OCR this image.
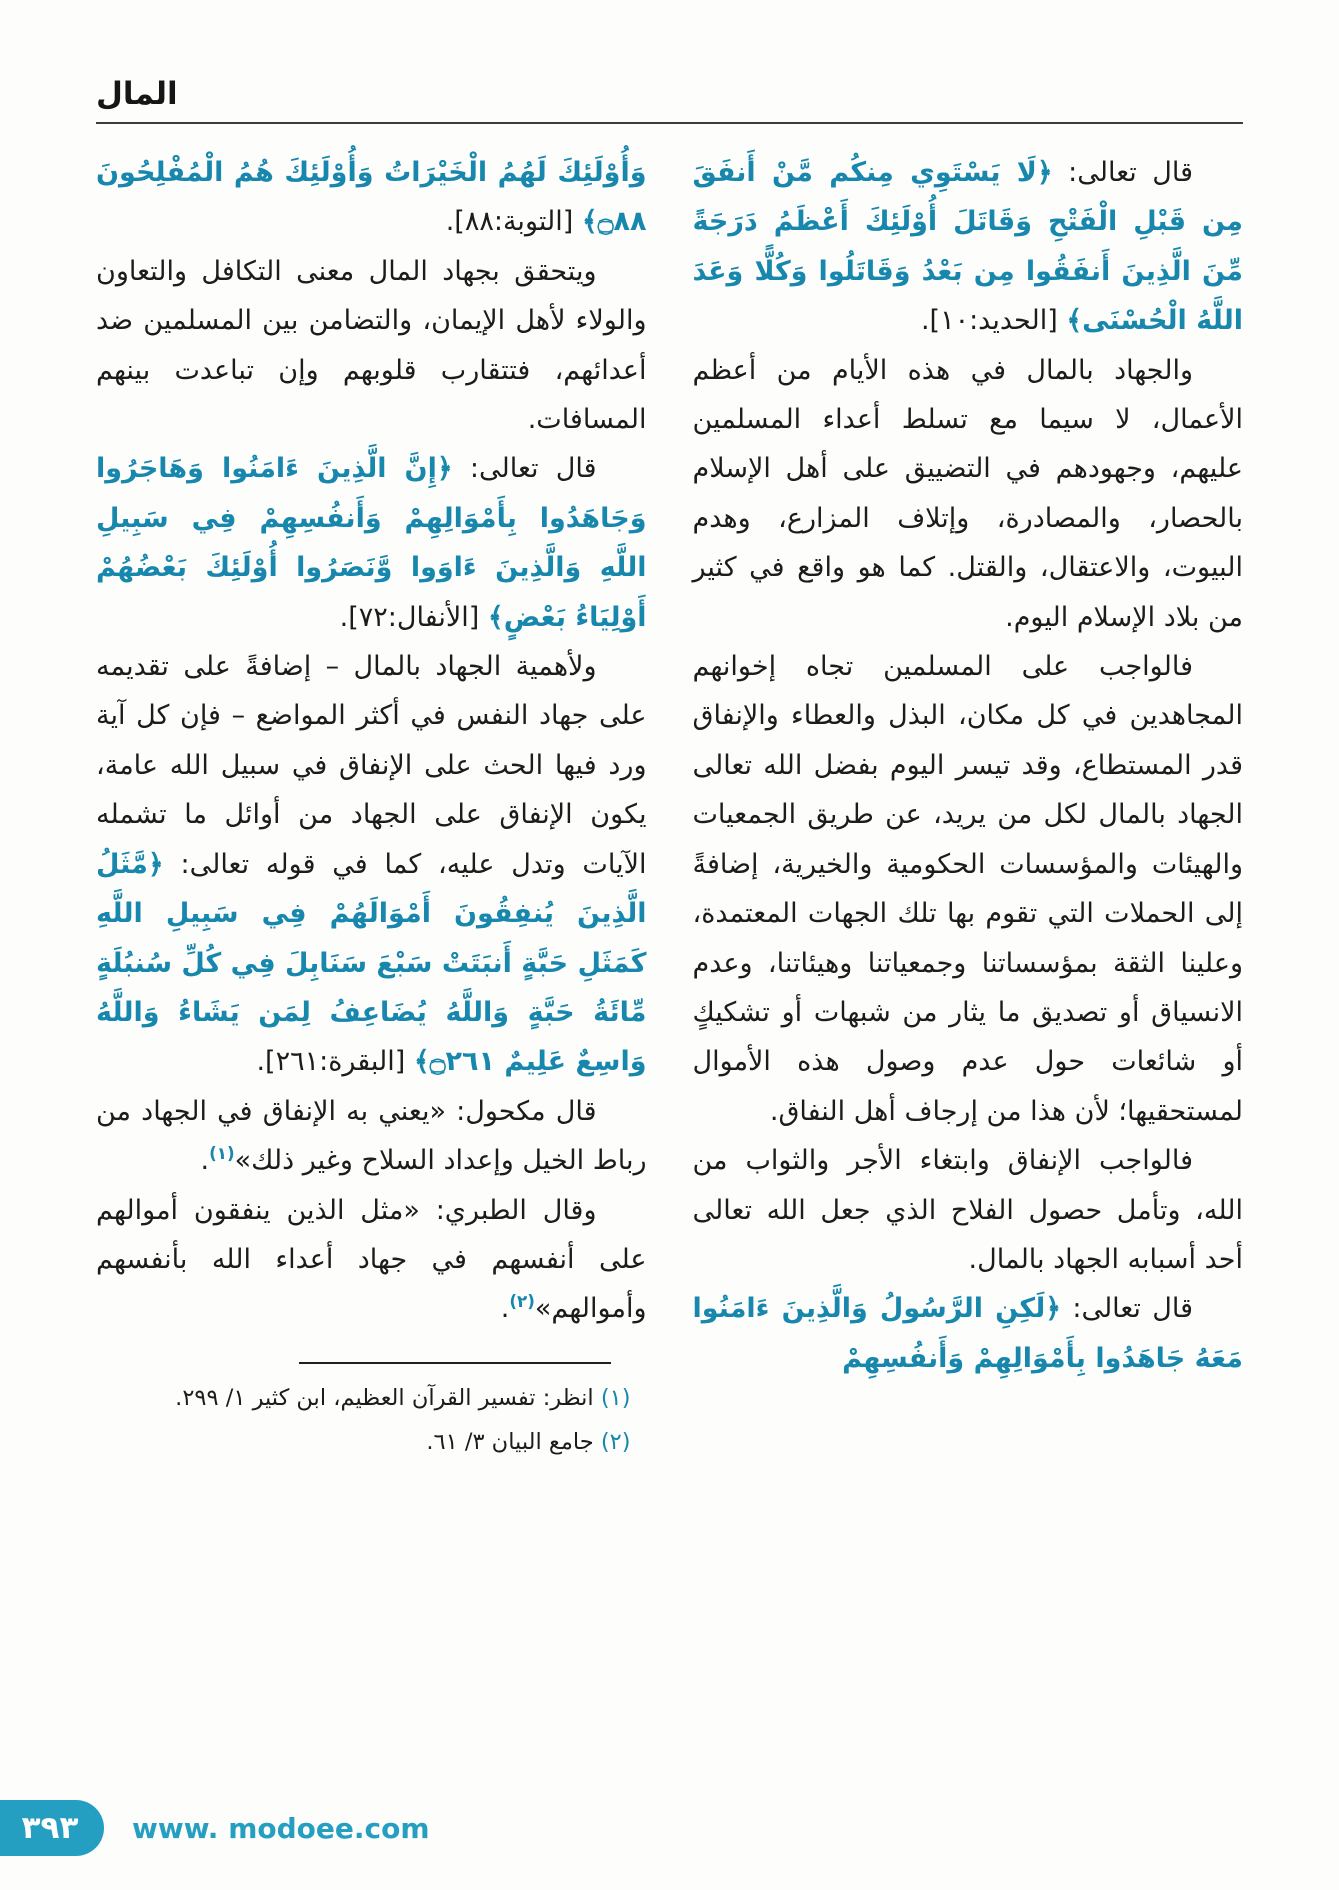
المال

قال تعالى: ﴿لَا يَسْتَوِي مِنكُم مَّنْ أَنفَقَ مِن قَبْلِ الْفَتْحِ وَقَاتَلَ أُوْلَئِكَ أَعْظَمُ دَرَجَةً مِّنَ الَّذِينَ أَنفَقُوا مِن بَعْدُ وَقَاتَلُوا وَكُلًّا وَعَدَ اللَّهُ الْحُسْنَى﴾ [الحديد:١٠].

والجهاد بالمال في هذه الأيام من أعظم الأعمال، لا سيما مع تسلط أعداء المسلمين عليهم، وجهودهم في التضييق على أهل الإسلام بالحصار، والمصادرة، وإتلاف المزارع، وهدم البيوت، والاعتقال، والقتل. كما هو واقع في كثير من بلاد الإسلام اليوم.

فالواجب على المسلمين تجاه إخوانهم المجاهدين في كل مكان، البذل والعطاء والإنفاق قدر المستطاع، وقد تيسر اليوم بفضل الله تعالى الجهاد بالمال لكل من يريد، عن طريق الجمعيات والهيئات والمؤسسات الحكومية والخيرية، إضافةً إلى الحملات التي تقوم بها تلك الجهات المعتمدة، وعلينا الثقة بمؤسساتنا وجمعياتنا وهيئاتنا، وعدم الانسياق أو تصديق ما يثار من شبهات أو تشكيكٍ أو شائعات حول عدم وصول هذه الأموال لمستحقيها؛ لأن هذا من إرجاف أهل النفاق.

فالواجب الإنفاق وابتغاء الأجر والثواب من الله، وتأمل حصول الفلاح الذي جعل الله تعالى أحد أسبابه الجهاد بالمال.

قال تعالى: ﴿لَكِنِ الرَّسُولُ وَالَّذِينَ ءَامَنُوا مَعَهُ جَاهَدُوا بِأَمْوَالِهِمْ وَأَنفُسِهِمْ

وَأُوْلَئِكَ لَهُمُ الْخَيْرَاتُ وَأُوْلَئِكَ هُمُ الْمُفْلِحُونَ ۝٨٨﴾ [التوبة:٨٨].

ويتحقق بجهاد المال معنى التكافل والتعاون والولاء لأهل الإيمان، والتضامن بين المسلمين ضد أعدائهم، فتتقارب قلوبهم وإن تباعدت بينهم المسافات.

قال تعالى: ﴿إِنَّ الَّذِينَ ءَامَنُوا وَهَاجَرُوا وَجَاهَدُوا بِأَمْوَالِهِمْ وَأَنفُسِهِمْ فِي سَبِيلِ اللَّهِ وَالَّذِينَ ءَاوَوا وَّنَصَرُوا أُوْلَئِكَ بَعْضُهُمْ أَوْلِيَاءُ بَعْضٍ﴾ [الأنفال:٧٢].

ولأهمية الجهاد بالمال – إضافةً على تقديمه على جهاد النفس في أكثر المواضع – فإن كل آية ورد فيها الحث على الإنفاق في سبيل الله عامة، يكون الإنفاق على الجهاد من أوائل ما تشمله الآيات وتدل عليه، كما في قوله تعالى: ﴿مَّثَلُ الَّذِينَ يُنفِقُونَ أَمْوَالَهُمْ فِي سَبِيلِ اللَّهِ كَمَثَلِ حَبَّةٍ أَنبَتَتْ سَبْعَ سَنَابِلَ فِي كُلِّ سُنبُلَةٍ مِّائَةُ حَبَّةٍ وَاللَّهُ يُضَاعِفُ لِمَن يَشَاءُ وَاللَّهُ وَاسِعٌ عَلِيمٌ ۝٢٦١﴾ [البقرة:٢٦١].

قال مكحول: «يعني به الإنفاق في الجهاد من رباط الخيل وإعداد السلاح وغير ذلك»$^{(١)}$.

وقال الطبري: «مثل الذين ينفقون أموالهم على أنفسهم في جهاد أعداء الله بأنفسهم وأموالهم»$^{(٢)}$.

(١) انظر: تفسير القرآن العظيم، ابن كثير ١/ ٢٩٩.

(٢) جامع البيان ٣/ ٦١.

٣٩٣	www. modoee.com
